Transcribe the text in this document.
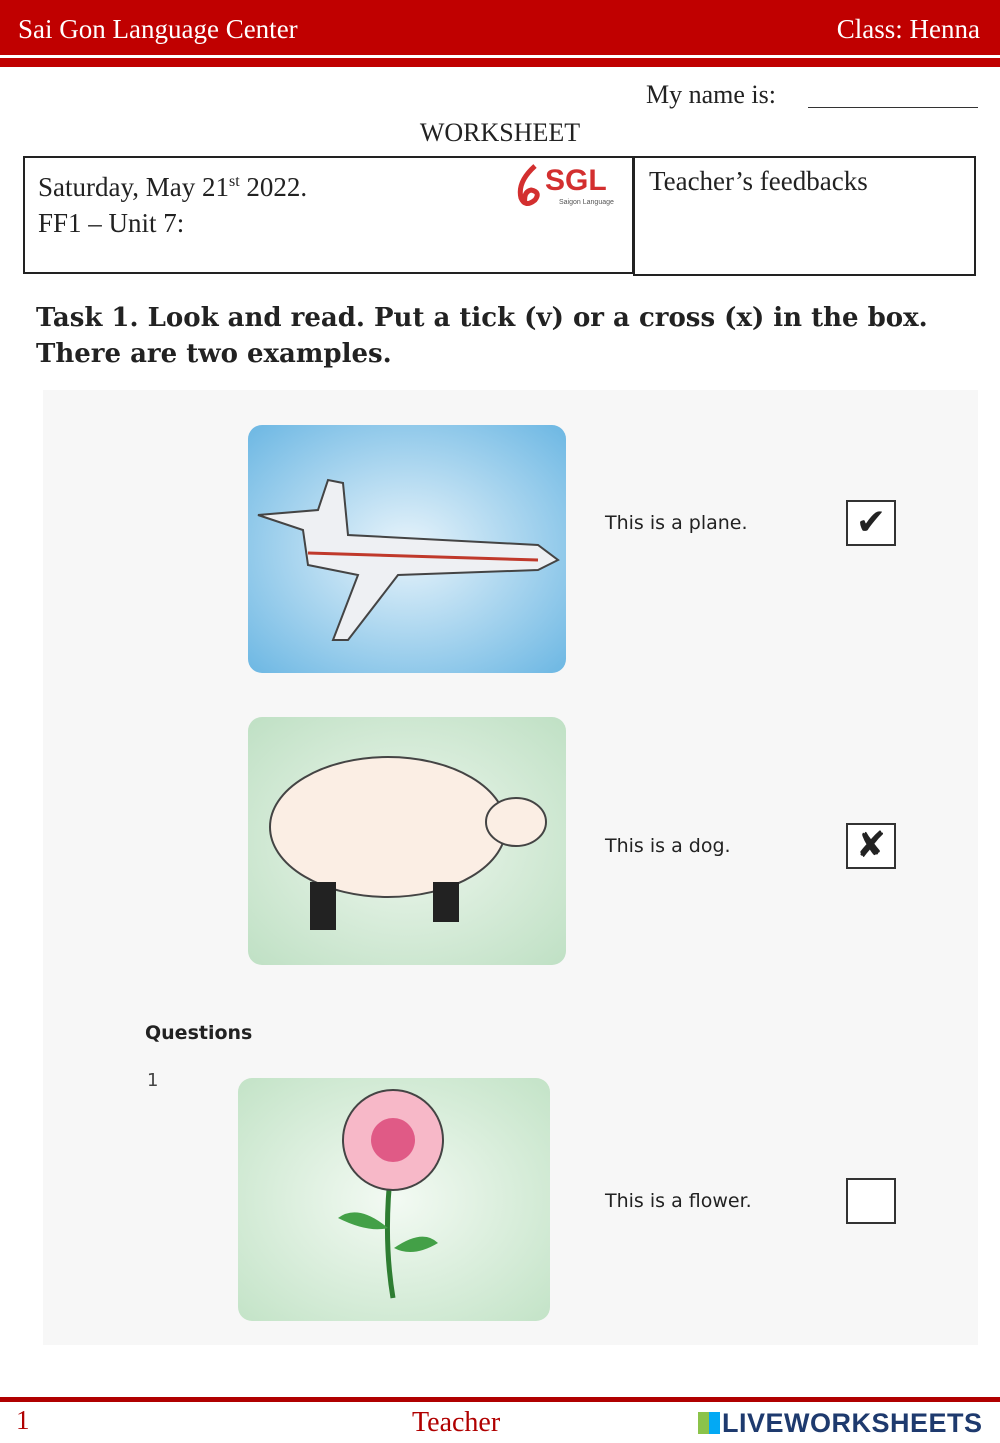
Sai Gon Language Center	Class: Henna
My name is:
WORKSHEET
Saturday, May 21st 2022.
FF1 – Unit 7:
SGL
Saigon Language
Teacher’s feedbacks
Task 1. Look and read. Put a tick (v) or a cross (x) in the box. There are two examples.
This is a plane.	✔
This is a dog.	✘
Questions
1
This is a flower.
1	Teacher	LIVEWORKSHEETS
